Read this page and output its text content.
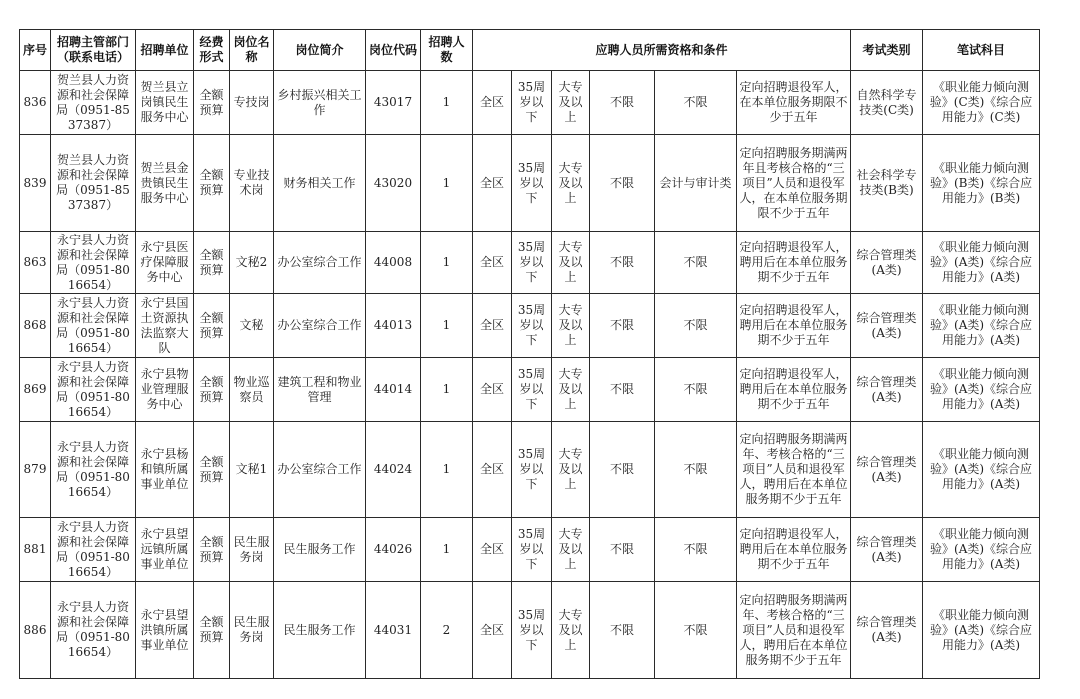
序号	招聘主管部门（联系电话）	招聘单位	经费形式	岗位名称	岗位简介	岗位代码	招聘人数	应聘人员所需资格和条件						考试类别	笔试科目
836	贺兰县人力资源和社会保障局（0951-8537387）	贺兰县立岗镇民生服务中心	全额预算	专技岗	乡村振兴相关工作	43017	1	全区	35周岁以下	大专及以上	不限	不限	定向招聘退役军人，在本单位服务期限不少于五年	自然科学专技类(C类)	《职业能力倾向测验》(C类)《综合应用能力》(C类)
839	贺兰县人力资源和社会保障局（0951-8537387）	贺兰县金贵镇民生服务中心	全额预算	专业技术岗	财务相关工作	43020	1	全区	35周岁以下	大专及以上	不限	会计与审计类	定向招聘服务期满两年且考核合格的“三项目”人员和退役军人，在本单位服务期限不少于五年	社会科学专技类(B类)	《职业能力倾向测验》(B类)《综合应用能力》(B类)
863	永宁县人力资源和社会保障局（0951-8016654）	永宁县医疗保障服务中心	全额预算	文秘2	办公室综合工作	44008	1	全区	35周岁以下	大专及以上	不限	不限	定向招聘退役军人，聘用后在本单位服务期不少于五年	综合管理类(A类)	《职业能力倾向测验》(A类)《综合应用能力》(A类)
868	永宁县人力资源和社会保障局（0951-8016654）	永宁县国土资源执法监察大队	全额预算	文秘	办公室综合工作	44013	1	全区	35周岁以下	大专及以上	不限	不限	定向招聘退役军人，聘用后在本单位服务期不少于五年	综合管理类(A类)	《职业能力倾向测验》(A类)《综合应用能力》(A类)
869	永宁县人力资源和社会保障局（0951-8016654）	永宁县物业管理服务中心	全额预算	物业巡察员	建筑工程和物业管理	44014	1	全区	35周岁以下	大专及以上	不限	不限	定向招聘退役军人，聘用后在本单位服务期不少于五年	综合管理类(A类)	《职业能力倾向测验》(A类)《综合应用能力》(A类)
879	永宁县人力资源和社会保障局（0951-8016654）	永宁县杨和镇所属事业单位	全额预算	文秘1	办公室综合工作	44024	1	全区	35周岁以下	大专及以上	不限	不限	定向招聘服务期满两年、考核合格的“三项目”人员和退役军人，聘用后在本单位服务期不少于五年	综合管理类(A类)	《职业能力倾向测验》(A类)《综合应用能力》(A类)
881	永宁县人力资源和社会保障局（0951-8016654）	永宁县望远镇所属事业单位	全额预算	民生服务岗	民生服务工作	44026	1	全区	35周岁以下	大专及以上	不限	不限	定向招聘退役军人，聘用后在本单位服务期不少于五年	综合管理类(A类)	《职业能力倾向测验》(A类)《综合应用能力》(A类)
886	永宁县人力资源和社会保障局（0951-8016654）	永宁县望洪镇所属事业单位	全额预算	民生服务岗	民生服务工作	44031	2	全区	35周岁以下	大专及以上	不限	不限	定向招聘服务期满两年、考核合格的“三项目”人员和退役军人，聘用后在本单位服务期不少于五年	综合管理类(A类)	《职业能力倾向测验》(A类)《综合应用能力》(A类)
